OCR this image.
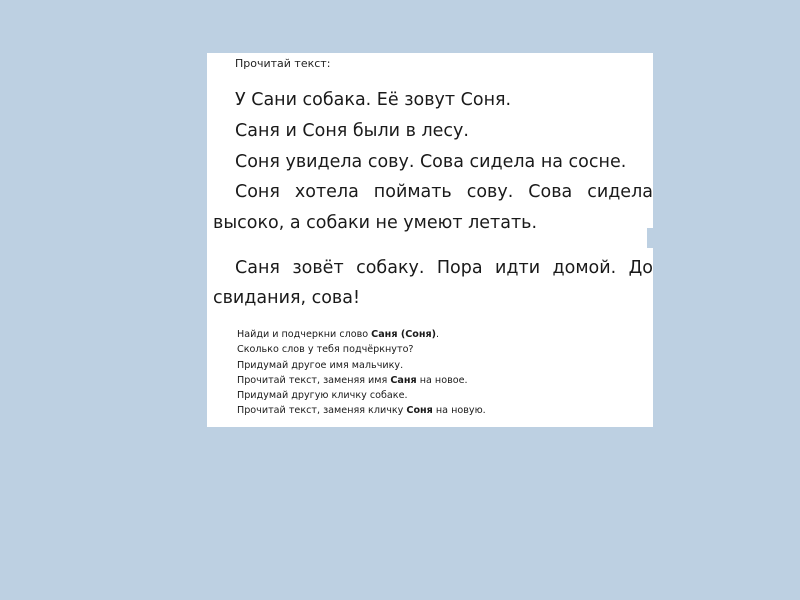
Прочитай текст:
У Сани собака. Её зовут Соня.
Саня и Соня были в лесу.
Соня увидела сову. Сова сидела на сосне.
Соня хотела поймать сову. Сова сидела
высоко, а собаки не умеют летать.
Саня зовёт собаку. Пора идти домой. До
свидания, сова!
Найди и подчеркни слово Саня (Соня).
Сколько слов у тебя подчёркнуто?
Придумай другое имя мальчику.
Прочитай текст, заменяя имя Саня на новое.
Придумай другую кличку собаке.
Прочитай текст, заменяя кличку Соня на новую.
